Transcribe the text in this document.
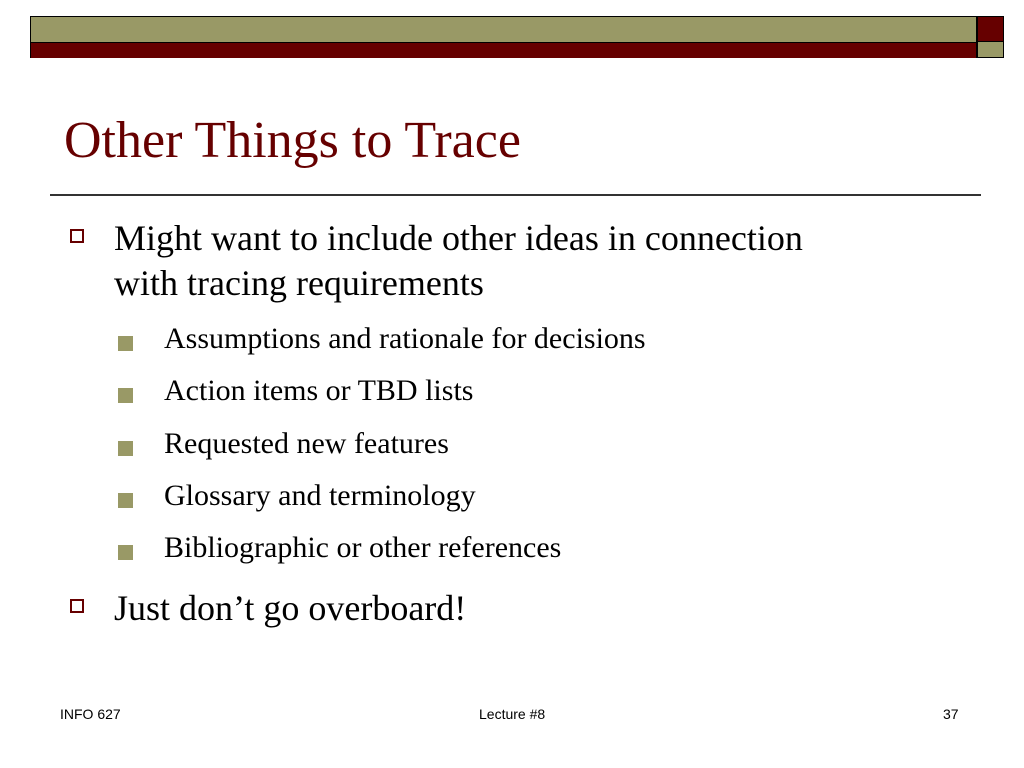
Other Things to Trace
Might want to include other ideas in connection with tracing requirements
Assumptions and rationale for decisions
Action items or TBD lists
Requested new features
Glossary and terminology
Bibliographic or other references
Just don’t go overboard!
INFO 627	Lecture #8	37
